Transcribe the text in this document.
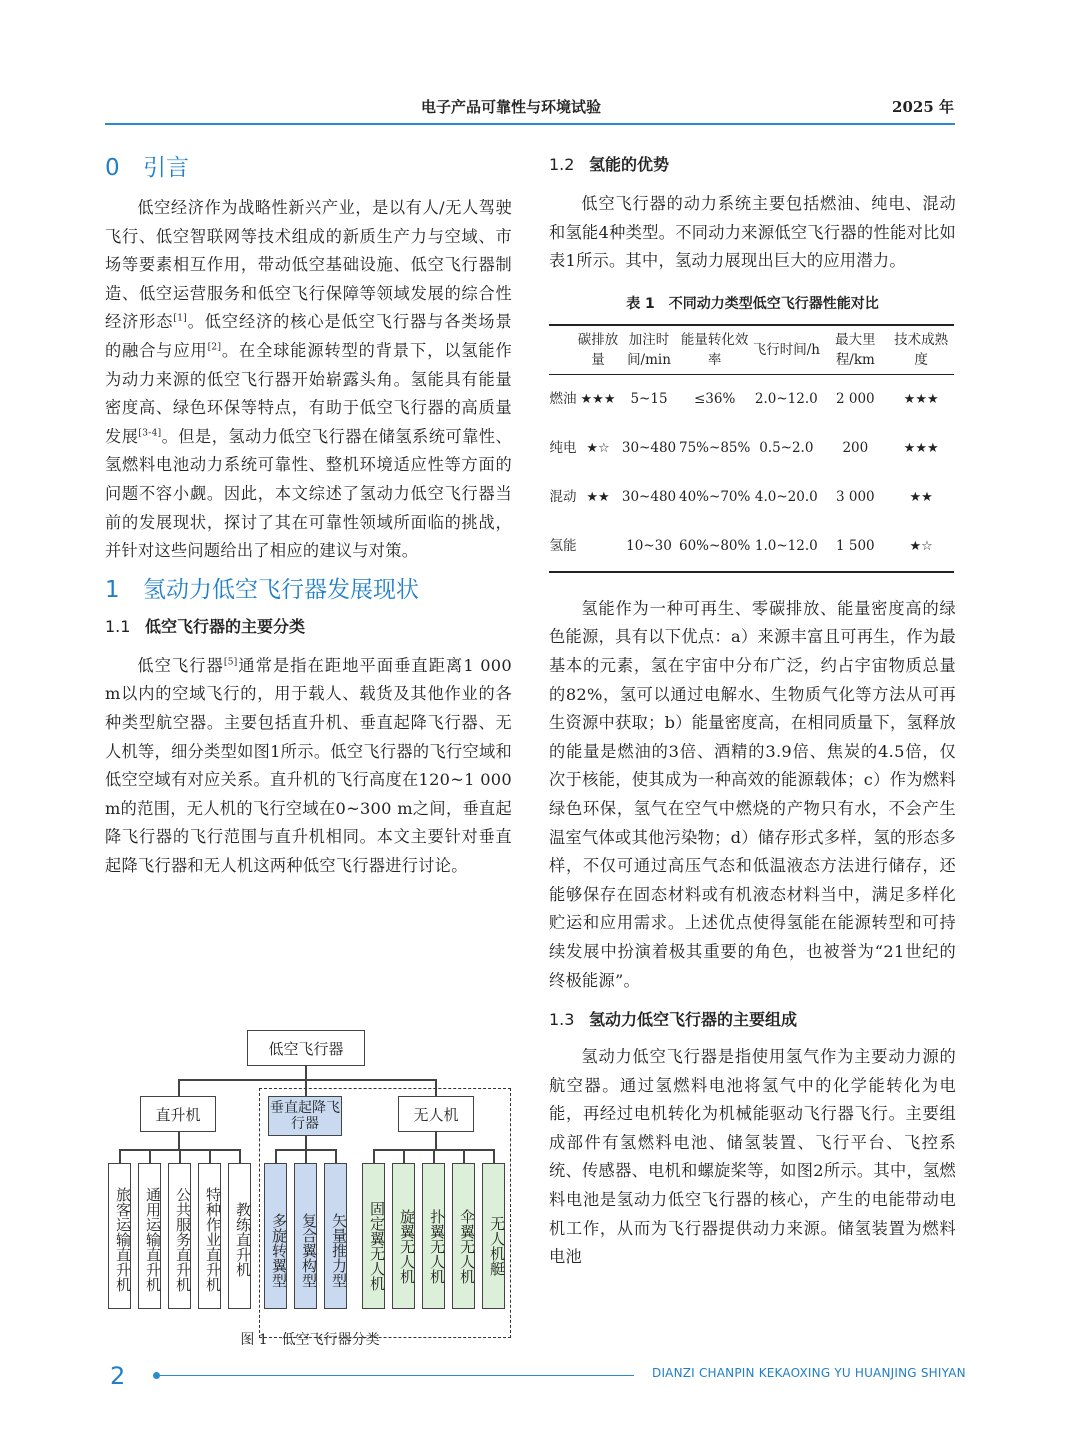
电子产品可靠性与环境试验	2025 年
0 引言

低空经济作为战略性新兴产业，是以有人/无人驾驶飞行、低空智联网等技术组成的新质生产力与空域、市场等要素相互作用，带动低空基础设施、低空飞行器制造、低空运营服务和低空飞行保障等领域发展的综合性经济形态[1]。低空经济的核心是低空飞行器与各类场景的融合与应用[2]。在全球能源转型的背景下，以氢能作为动力来源的低空飞行器开始崭露头角。氢能具有能量密度高、绿色环保等特点，有助于低空飞行器的高质量发展[3-4]。但是，氢动力低空飞行器在储氢系统可靠性、氢燃料电池动力系统可靠性、整机环境适应性等方面的问题不容小觑。因此，本文综述了氢动力低空飞行器当前的发展现状，探讨了其在可靠性领域所面临的挑战，并针对这些问题给出了相应的建议与对策。

1 氢动力低空飞行器发展现状
1.1 低空飞行器的主要分类

低空飞行器[5]通常是指在距地平面垂直距离1 000 m以内的空域飞行的，用于载人、载货及其他作业的各种类型航空器。主要包括直升机、垂直起降飞行器、无人机等，细分类型如图1所示。低空飞行器的飞行空域和低空空域有对应关系。直升机的飞行高度在120~1 000 m的范围，无人机的飞行空域在0~300 m之间，垂直起降飞行器的飞行范围与直升机相同。本文主要针对垂直起降飞行器和无人机这两种低空飞行器进行讨论。

低空飞行器
直升机	垂直起降飞行器
无人机
旅客运输直升机 通用运输直升机 公共服务直升机 特种作业直升机 教练直升机	多旋转翼型 复合翼构型 矢量推力型	固定翼无人机 旋翼无人机 扑翼无人机 伞翼无人机 无人机艇
图 1　低空飞行器分类
1.2 氢能的优势

低空飞行器的动力系统主要包括燃油、纯电、混动和氢能4种类型。不同动力来源低空飞行器的性能对比如表1所示。其中，氢动力展现出巨大的应用潜力。

表 1　不同动力类型低空飞行器性能对比
	碳排放量	加注时间/min	能量转化效率	飞行时间/h	最大里程/km	技术成熟度
燃油	★★★	5~15	≤36%	2.0~12.0	2 000	★★★
纯电	★☆	30~480	75%~85%	0.5~2.0	200	★★★
混动	★★	30~480	40%~70%	4.0~20.0	3 000	★★
氢能		10~30	60%~80%	1.0~12.0	1 500	★☆

氢能作为一种可再生、零碳排放、能量密度高的绿色能源，具有以下优点：a）来源丰富且可再生，作为最基本的元素，氢在宇宙中分布广泛，约占宇宙物质总量的82%，氢可以通过电解水、生物质气化等方法从可再生资源中获取；b）能量密度高，在相同质量下，氢释放的能量是燃油的3倍、酒精的3.9倍、焦炭的4.5倍，仅次于核能，使其成为一种高效的能源载体；c）作为燃料绿色环保，氢气在空气中燃烧的产物只有水，不会产生温室气体或其他污染物；d）储存形式多样，氢的形态多样，不仅可通过高压气态和低温液态方法进行储存，还能够保存在固态材料或有机液态材料当中，满足多样化贮运和应用需求。上述优点使得氢能在能源转型和可持续发展中扮演着极其重要的角色，也被誉为“21世纪的终极能源”。

1.3 氢动力低空飞行器的主要组成

氢动力低空飞行器是指使用氢气作为主要动力源的航空器。通过氢燃料电池将氢气中的化学能转化为电能，再经过电机转化为机械能驱动飞行器飞行。主要组成部件有氢燃料电池、储氢装置、飞行平台、飞控系统、传感器、电机和螺旋桨等，如图2所示。其中，氢燃料电池是氢动力低空飞行器的核心，产生的电能带动电机工作，从而为飞行器提供动力来源。储氢装置为燃料电池

2	DIANZI CHANPIN KEKAOXING YU HUANJING SHIYAN
